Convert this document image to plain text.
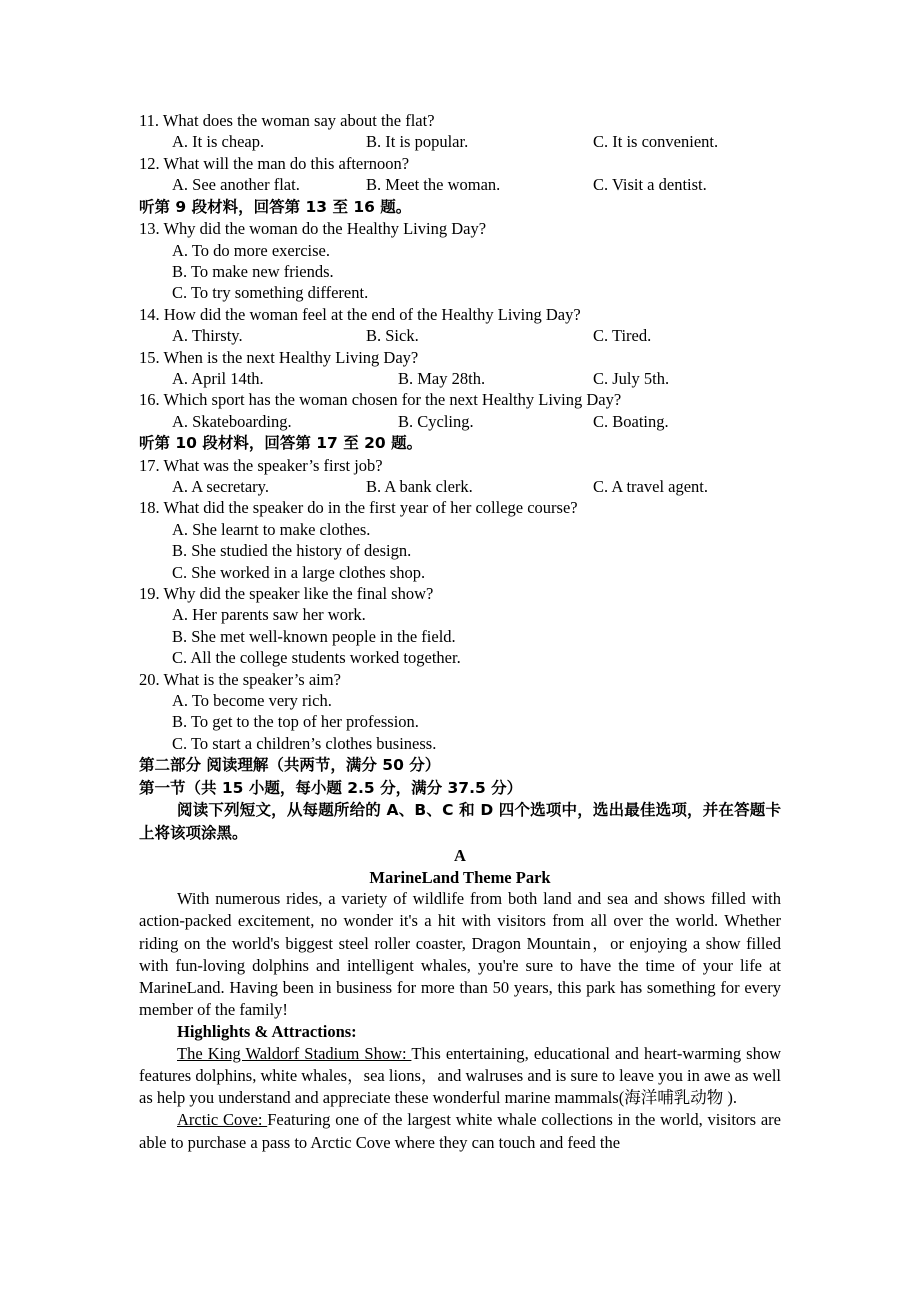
11. What does the woman say about the flat?
A. It is cheap.	B. It is popular.	C. It is convenient.
12. What will the man do this afternoon?
A. See another flat.	B. Meet the woman.	C. Visit a dentist.
听第 9 段材料，回答第 13 至 16 题。
13. Why did the woman do the Healthy Living Day?
A. To do more exercise.
B. To make new friends.
C. To try something different.
14. How did the woman feel at the end of the Healthy Living Day?
A. Thirsty.	B. Sick.	C. Tired.
15. When is the next Healthy Living Day?
A. April 14th.	B. May 28th.	C. July 5th.
16. Which sport has the woman chosen for the next Healthy Living Day?
A. Skateboarding.	B. Cycling.	C. Boating.
听第 10 段材料，回答第 17 至 20 题。
17. What was the speaker’s first job?
A. A secretary.	B. A bank clerk.	C. A travel agent.
18. What did the speaker do in the first year of her college course?
A. She learnt to make clothes.
B. She studied the history of design.
C. She worked in a large clothes shop.
19. Why did the speaker like the final show?
A. Her parents saw her work.
B. She met well-known people in the field.
C. All the college students worked together.
20. What is the speaker’s aim?
A. To become very rich.
B. To get to the top of her profession.
C. To start a children’s clothes business.
第二部分 阅读理解（共两节，满分 50 分）
第一节（共 15 小题，每小题 2.5 分，满分 37.5 分）
阅读下列短文，从每题所给的 A、B、C 和 D 四个选项中，选出最佳选项，并在答题卡上将该项涂黑。
A
MarineLand Theme Park
With numerous rides, a variety of wildlife from both land and sea and shows filled with action-packed excitement, no wonder it's a hit with visitors from all over the world. Whether riding on the world's biggest steel roller coaster, Dragon Mountain，or enjoying a show filled with fun-loving dolphins and intelligent whales, you're sure to have the time of your life at MarineLand. Having been in business for more than 50 years, this park has something for every member of the family!
Highlights & Attractions:
The King Waldorf Stadium Show: This entertaining, educational and heart-warming show features dolphins, white whales，sea lions，and walruses and is sure to leave you in awe as well as help you understand and appreciate these wonderful marine mammals(海洋哺乳动物 ).
Arctic Cove: Featuring one of the largest white whale collections in the world, visitors are able to purchase a pass to Arctic Cove where they can touch and feed the
